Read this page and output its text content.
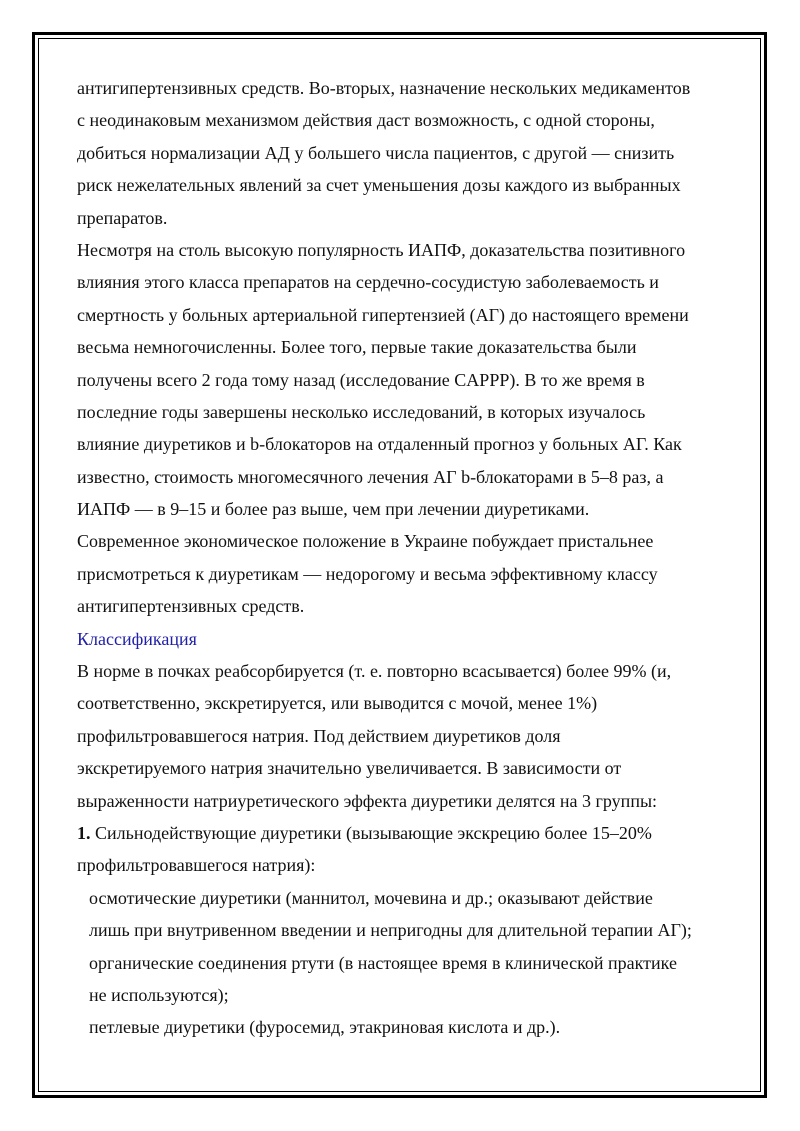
антигипертензивных средств. Во-вторых, назначение нескольких медикаментов
с неодинаковым механизмом действия даст возможность, с одной стороны,
добиться нормализации АД у большего числа пациентов, с другой — снизить
риск нежелательных явлений за счет уменьшения дозы каждого из выбранных
препаратов.
Несмотря на столь высокую популярность ИАПФ, доказательства позитивного
влияния этого класса препаратов на сердечно-сосудистую заболеваемость и
смертность у больных артериальной гипертензией (АГ) до настоящего времени
весьма немногочисленны. Более того, первые такие доказательства были
получены всего 2 года тому назад (исследование CAPPP). В то же время в
последние годы завершены несколько исследований, в которых изучалось
влияние диуретиков и b-блокаторов на отдаленный прогноз у больных АГ. Как
известно, стоимость многомесячного лечения АГ b-блокаторами в 5–8 раз, а
ИАПФ — в 9–15 и более раз выше, чем при лечении диуретиками.
Современное экономическое положение в Украине побуждает пристальнее
присмотреться к диуретикам — недорогому и весьма эффективному классу
антигипертензивных средств.
Классификация
В норме в почках реабсорбируется (т. е. повторно всасывается) более 99% (и,
соответственно, экскретируется, или выводится с мочой, менее 1%)
профильтровавшегося натрия. Под действием диуретиков доля
экскретируемого натрия значительно увеличивается. В зависимости от
выраженности натриуретического эффекта диуретики делятся на 3 группы:
1. Сильнодействующие диуретики (вызывающие экскрецию более 15–20%
профильтровавшегося натрия):
осмотические диуретики (маннитол, мочевина и др.; оказывают действие
лишь при внутривенном введении и непригодны для длительной терапии АГ);
органические соединения ртути (в настоящее время в клинической практике
не используются);
петлевые диуретики (фуросемид, этакриновая кислота и др.).
